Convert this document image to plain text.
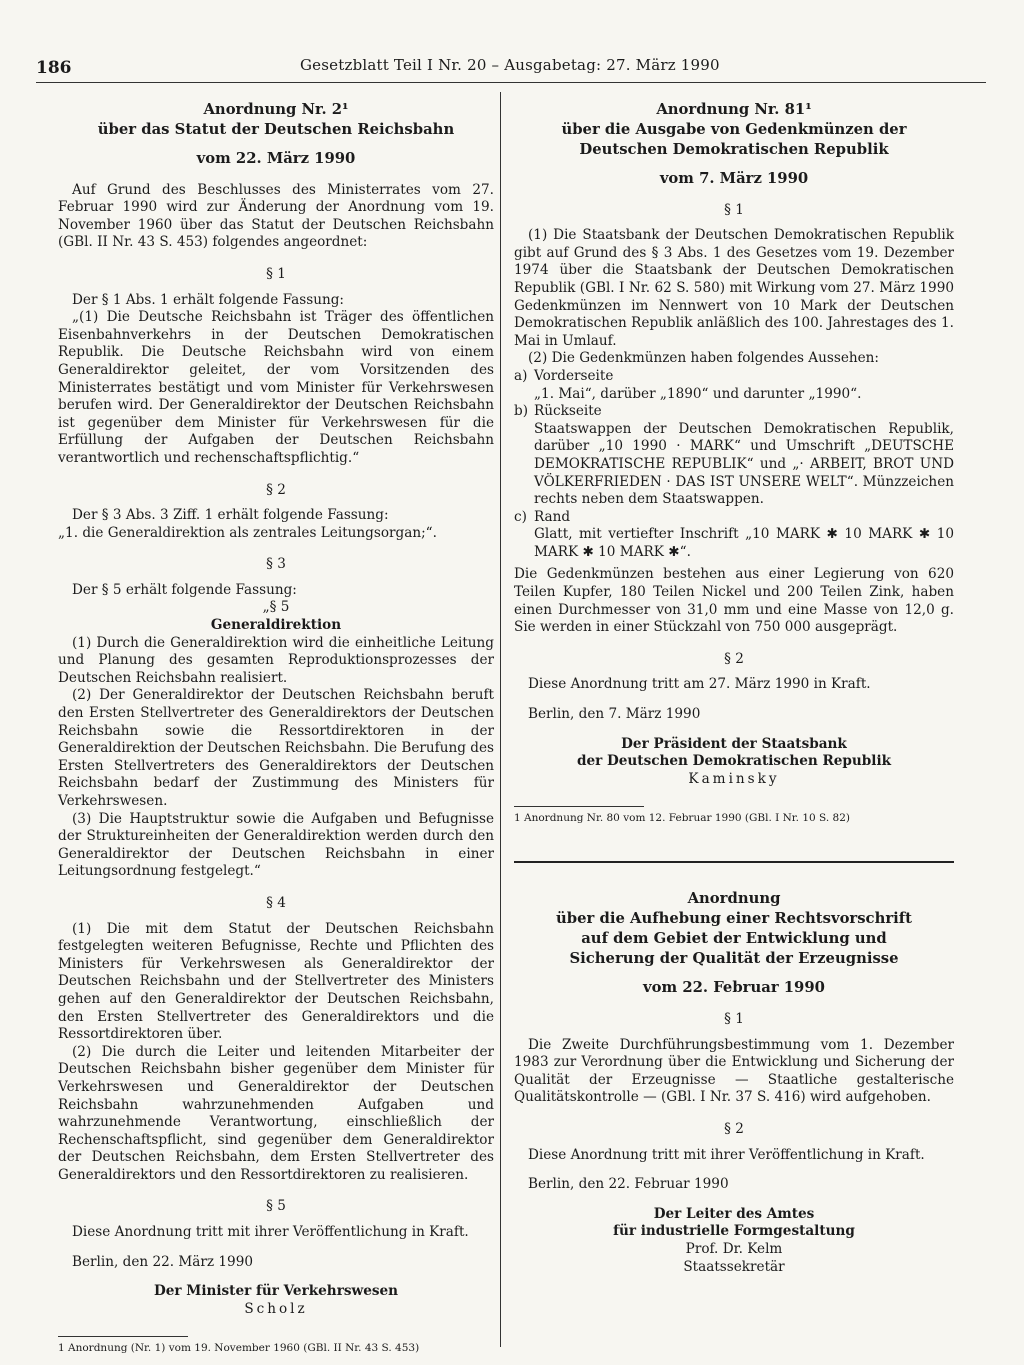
186	Gesetzblatt Teil I Nr. 20 – Ausgabetag: 27. März 1990
Anordnung Nr. 2¹
über das Statut der Deutschen Reichsbahn
vom 22. März 1990

Auf Grund des Beschlusses des Ministerrates vom 27. Februar 1990 wird zur Änderung der Anordnung vom 19. November 1960 über das Statut der Deutschen Reichsbahn (GBl. II Nr. 43 S. 453) folgendes angeordnet:

§ 1

Der § 1 Abs. 1 erhält folgende Fassung:

„(1) Die Deutsche Reichsbahn ist Träger des öffentlichen Eisenbahnverkehrs in der Deutschen Demokratischen Republik. Die Deutsche Reichsbahn wird von einem Generaldirektor geleitet, der vom Vorsitzenden des Ministerrates bestätigt und vom Minister für Verkehrswesen berufen wird. Der Generaldirektor der Deutschen Reichsbahn ist gegenüber dem Minister für Verkehrswesen für die Erfüllung der Aufgaben der Deutschen Reichsbahn verantwortlich und rechenschaftspflichtig.“

§ 2

Der § 3 Abs. 3 Ziff. 1 erhält folgende Fassung:

„1. die Generaldirektion als zentrales Leitungsorgan;“.

§ 3

Der § 5 erhält folgende Fassung:

„§ 5
Generaldirektion

(1) Durch die Generaldirektion wird die einheitliche Leitung und Planung des gesamten Reproduktionsprozesses der Deutschen Reichsbahn realisiert.

(2) Der Generaldirektor der Deutschen Reichsbahn beruft den Ersten Stellvertreter des Generaldirektors der Deutschen Reichsbahn sowie die Ressortdirektoren in der Generaldirektion der Deutschen Reichsbahn. Die Berufung des Ersten Stellvertreters des Generaldirektors der Deutschen Reichsbahn bedarf der Zustimmung des Ministers für Verkehrswesen.

(3) Die Hauptstruktur sowie die Aufgaben und Befugnisse der Struktureinheiten der Generaldirektion werden durch den Generaldirektor der Deutschen Reichsbahn in einer Leitungsordnung festgelegt.“

§ 4

(1) Die mit dem Statut der Deutschen Reichsbahn festgelegten weiteren Befugnisse, Rechte und Pflichten des Ministers für Verkehrswesen als Generaldirektor der Deutschen Reichsbahn und der Stellvertreter des Ministers gehen auf den Generaldirektor der Deutschen Reichsbahn, den Ersten Stellvertreter des Generaldirektors und die Ressortdirektoren über.

(2) Die durch die Leiter und leitenden Mitarbeiter der Deutschen Reichsbahn bisher gegenüber dem Minister für Verkehrswesen und Generaldirektor der Deutschen Reichsbahn wahrzunehmenden Aufgaben und wahrzunehmende Verantwortung, einschließlich der Rechenschaftspflicht, sind gegenüber dem Generaldirektor der Deutschen Reichsbahn, dem Ersten Stellvertreter des Generaldirektors und den Ressortdirektoren zu realisieren.

§ 5

Diese Anordnung tritt mit ihrer Veröffentlichung in Kraft.

Berlin, den 22. März 1990

Der Minister für Verkehrswesen
Scholz
1 Anordnung (Nr. 1) vom 19. November 1960 (GBl. II Nr. 43 S. 453)
Anordnung Nr. 81¹
über die Ausgabe von Gedenkmünzen der
Deutschen Demokratischen Republik
vom 7. März 1990
§ 1

(1) Die Staatsbank der Deutschen Demokratischen Republik gibt auf Grund des § 3 Abs. 1 des Gesetzes vom 19. Dezember 1974 über die Staatsbank der Deutschen Demokratischen Republik (GBl. I Nr. 62 S. 580) mit Wirkung vom 27. März 1990 Gedenkmünzen im Nennwert von 10 Mark der Deutschen Demokratischen Republik anläßlich des 100. Jahrestages des 1. Mai in Umlauf.

(2) Die Gedenkmünzen haben folgendes Aussehen:

a) Vorderseite
„1. Mai“, darüber „1890“ und darunter „1990“.
b) Rückseite
Staatswappen der Deutschen Demokratischen Republik, darüber „10 1990 · MARK“ und Umschrift „DEUTSCHE DEMOKRATISCHE REPUBLIK“ und „· ARBEIT, BROT UND VÖLKERFRIEDEN · DAS IST UNSERE WELT“. Münzzeichen rechts neben dem Staatswappen.
c) Rand
Glatt, mit vertiefter Inschrift „10 MARK ✱ 10 MARK ✱ 10 MARK ✱ 10 MARK ✱“.

Die Gedenkmünzen bestehen aus einer Legierung von 620 Teilen Kupfer, 180 Teilen Nickel und 200 Teilen Zink, haben einen Durchmesser von 31,0 mm und eine Masse von 12,0 g. Sie werden in einer Stückzahl von 750 000 ausgeprägt.

§ 2

Diese Anordnung tritt am 27. März 1990 in Kraft.

Berlin, den 7. März 1990

Der Präsident der Staatsbank
der Deutschen Demokratischen Republik
Kaminsky
1 Anordnung Nr. 80 vom 12. Februar 1990 (GBl. I Nr. 10 S. 82)
Anordnung
über die Aufhebung einer Rechtsvorschrift
auf dem Gebiet der Entwicklung und
Sicherung der Qualität der Erzeugnisse
vom 22. Februar 1990
§ 1

Die Zweite Durchführungsbestimmung vom 1. Dezember 1983 zur Verordnung über die Entwicklung und Sicherung der Qualität der Erzeugnisse — Staatliche gestalterische Qualitätskontrolle — (GBl. I Nr. 37 S. 416) wird aufgehoben.

§ 2

Diese Anordnung tritt mit ihrer Veröffentlichung in Kraft.

Berlin, den 22. Februar 1990

Der Leiter des Amtes
für industrielle Formgestaltung
Prof. Dr. Kelm
Staatssekretär
